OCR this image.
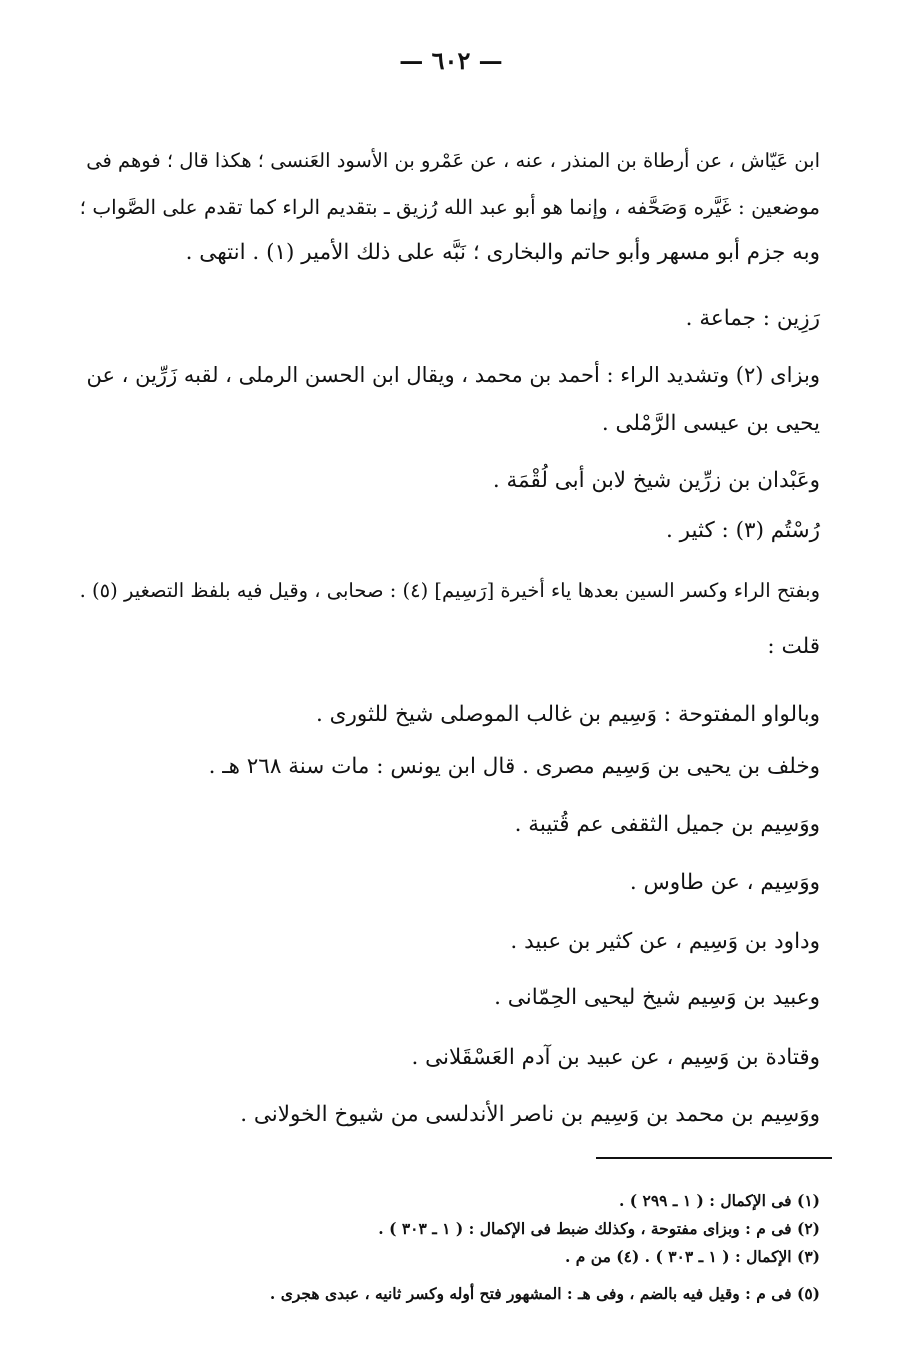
— ٦٠٢ —
ابن عَيّاش ، عن أرطاة بن المنذر ، عنه ، عن عَمْرو بن الأسود العَنسى ؛ هكذا قال ؛ فوهم فى
موضعين : غَيَّره وَصَحَّفه ، وإنما هو أبو عبد الله رُزيق ـ بتقديم الراء كما تقدم على الصَّواب ؛
وبه جزم أبو مسهر وأبو حاتم والبخارى ؛ نَبَّه على ذلك الأمير (١) . انتهى .
رَزِين : جماعة .
وبزاى (٢) وتشديد الراء : أحمد بن محمد ، ويقال ابن الحسن الرملى ، لقبه زَرِّين ، عن
يحيى بن عيسى الرَّمْلى .
وعَبْدان بن زرِّين شيخ لابن أبى لُقْمَة .
رُسْتُم (٣) : كثير .
وبفتح الراء وكسر السين بعدها ياء أخيرة [رَسِيم] (٤) : صحابى ، وقيل فيه بلفظ التصغير (٥) .
قلت :
وبالواو المفتوحة : وَسِيم بن غالب الموصلى شيخ للثورى .
وخلف بن يحيى بن وَسِيم مصرى . قال ابن يونس : مات سنة ٢٦٨ هـ .
ووَسِيم بن جميل الثقفى عم قُتيبة .
ووَسِيم ، عن طاوس .
وداود بن وَسِيم ، عن كثير بن عبيد .
وعبيد بن وَسِيم شيخ ليحيى الحِمّانى .
وقتادة بن وَسِيم ، عن عبيد بن آدم العَسْقَلانى .
ووَسِيم بن محمد بن وَسِيم بن ناصر الأندلسى من شيوخ الخولانى .
(١) فى الإكمال : ( ١ ـ ٢٩٩ ) .
(٢) فى م : وبزاى مفتوحة ، وكذلك ضبط فى الإكمال : ( ١ ـ ٣٠٣ ) .
(٣) الإكمال : ( ١ ـ ٣٠٣ ) . (٤) من م .
(٥) فى م : وقيل فيه بالضم ، وفى هـ : المشهور فتح أوله وكسر ثانيه ، عبدى هجرى .
